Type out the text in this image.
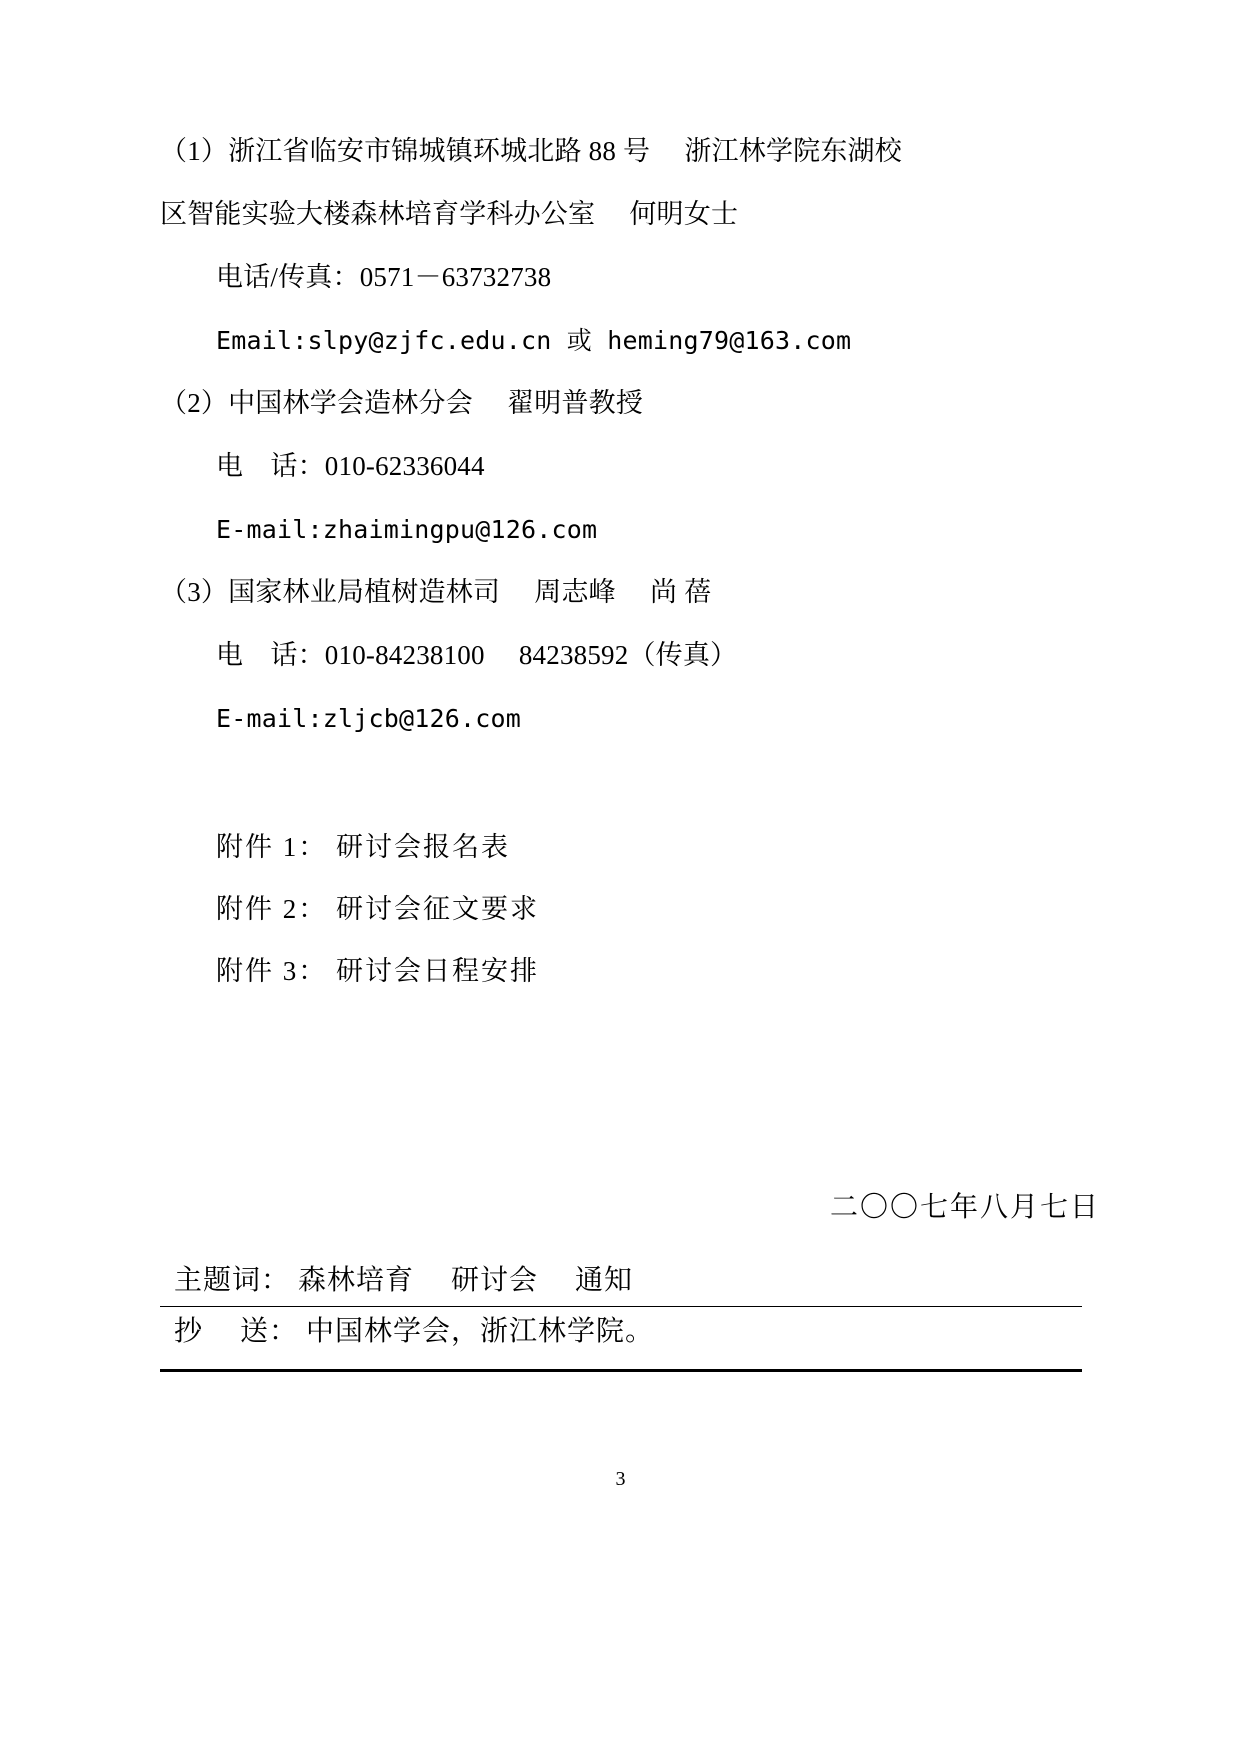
（1）浙江省临安市锦城镇环城北路 88 号　 浙江林学院东湖校
区智能实验大楼森林培育学科办公室　 何明女士
电话/传真：0571－63732738
Email:slpy@zjfc.edu.cn 或 heming79@163.com
（2）中国林学会造林分会　 翟明普教授
电　话：010-62336044
E-mail:zhaimingpu@126.com
（3）国家林业局植树造林司　 周志峰　 尚 蓓
电　话：010-84238100　 84238592（传真）
E-mail:zljcb@126.com
附件 1： 研讨会报名表
附件 2： 研讨会征文要求
附件 3： 研讨会日程安排
二〇〇七年八月七日
主题词： 森林培育　 研讨会　 通知
抄　 送： 中国林学会，浙江林学院。
3
